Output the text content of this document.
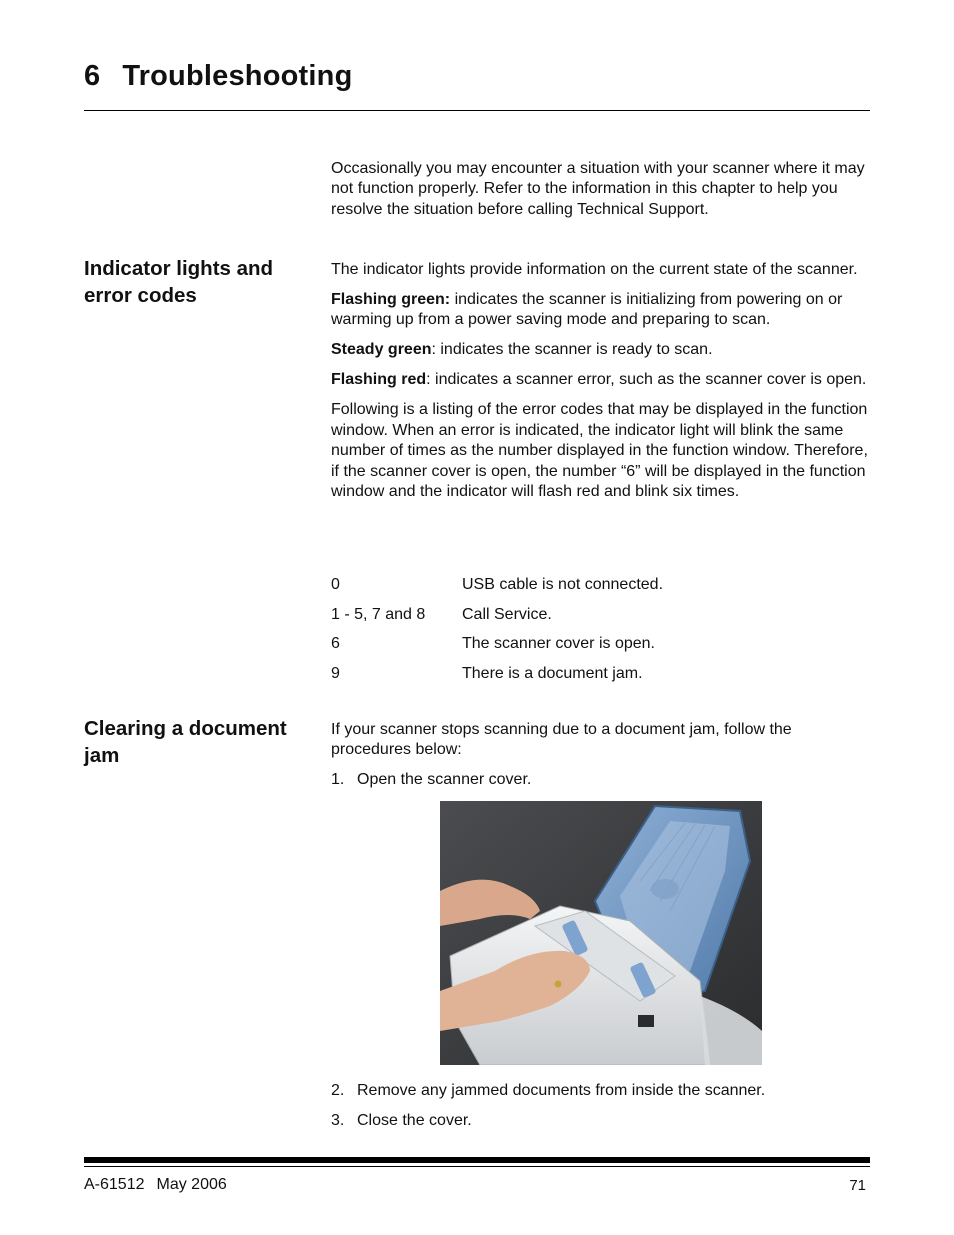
6 Troubleshooting

Occasionally you may encounter a situation with your scanner where it may not function properly. Refer to the information in this chapter to help you resolve the situation before calling Technical Support.

Indicator lights and error codes

The indicator lights provide information on the current state of the scanner.

Flashing green: indicates the scanner is initializing from powering on or warming up from a power saving mode and preparing to scan.

Steady green: indicates the scanner is ready to scan.

Flashing red: indicates a scanner error, such as the scanner cover is open.

Following is a listing of the error codes that may be displayed in the function window. When an error is indicated, the indicator light will blink the same number of times as the number displayed in the function window. Therefore, if the scanner cover is open, the number “6” will be displayed in the function window and the indicator will flash red and blink six times.

0	USB cable is not connected.
1 - 5, 7 and 8	Call Service.
6	The scanner cover is open.
9	There is a document jam.
Clearing a document jam

If your scanner stops scanning due to a document jam, follow the procedures below:

1. Open the scanner cover.
2. Remove any jammed documents from inside the scanner.
3. Close the cover.
A-61512 May 2006	71
